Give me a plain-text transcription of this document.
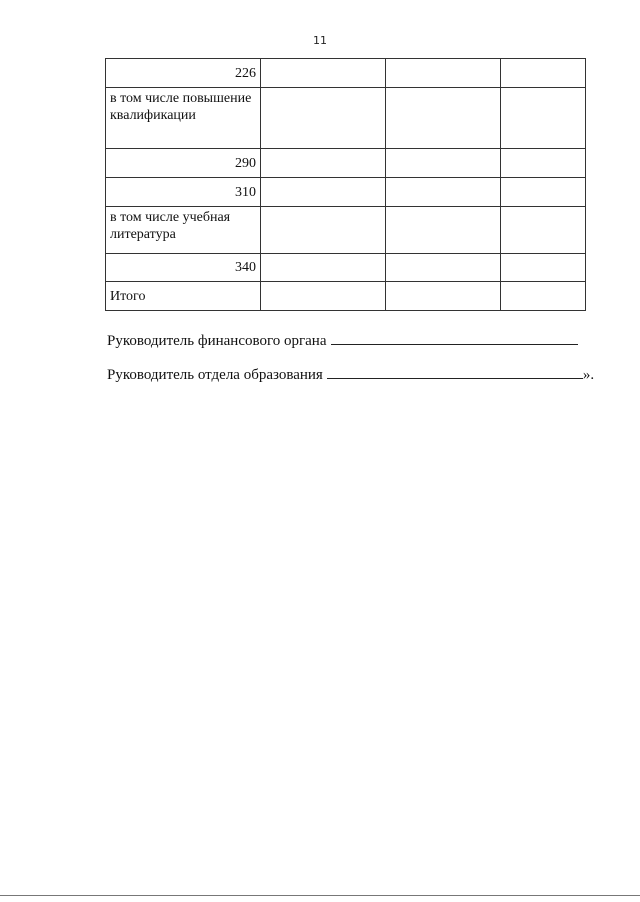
11
226			
в том числе повышение квалификации			
290			
310			
в том числе учебная литература			
340			
Итого			
Руководитель финансового органа
Руководитель отдела образования	».
